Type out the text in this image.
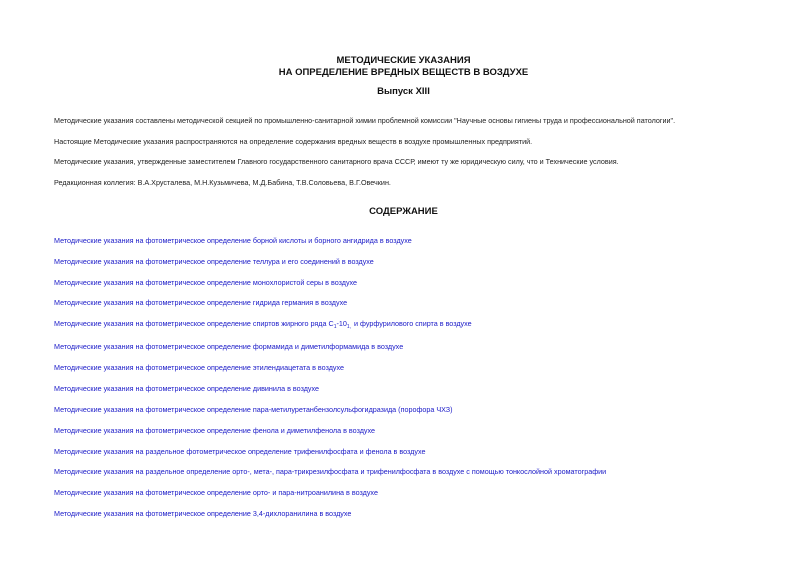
МЕТОДИЧЕСКИЕ УКАЗАНИЯ
НА ОПРЕДЕЛЕНИЕ ВРЕДНЫХ ВЕЩЕСТВ В ВОЗДУХЕ
Выпуск XIII
Методические указания составлены методической секцией по промышленно-санитарной химии проблемной комиссии "Научные основы гигиены труда и профессиональной патологии".
Настоящие Методические указания распространяются на определение содержания вредных веществ в воздухе промышленных предприятий.
Методические указания, утвержденные заместителем Главного государственного санитарного врача СССР, имеют ту же юридическую силу, что и Технические условия.
Редакционная коллегия: В.А.Хрусталева, М.Н.Кузьмичева, М.Д.Бабина, Т.В.Соловьева, В.Г.Овечкин.
СОДЕРЖАНИЕ
Методические указания на фотометрическое определение борной кислоты и борного ангидрида в воздухе
Методические указания на фотометрическое определение теллура и его соединений в воздухе
Методические указания на фотометрическое определение монохлористой серы в воздухе
Методические указания на фотометрическое определение гидрида германия в воздухе
Методические указания на фотометрическое определение спиртов жирного ряда $С_1-10_{1,}$ и фурфурилового спирта в воздухе
Методические указания на фотометрическое определение формамида и диметилформамида в воздухе
Методические указания на фотометрическое определение этилендиацетата в воздухе
Методические указания на фотометрическое определение дивинила в воздухе
Методические указания на фотометрическое определение пара-метилуретанбензолсульфогидразида (порофора ЧХЗ)
Методические указания на фотометрическое определение фенола и диметилфенола в воздухе
Методические указания на раздельное фотометрическое определение трифенилфосфата и фенола в воздухе
Методические указания на раздельное определение орто-, мета-, пара-трикрезилфосфата и трифенилфосфата в воздухе с помощью тонкослойной хроматографии
Методические указания на фотометрическое определение орто- и пара-нитроанилина в воздухе
Методические указания на фотометрическое определение 3,4-дихлоранилина в воздухе
